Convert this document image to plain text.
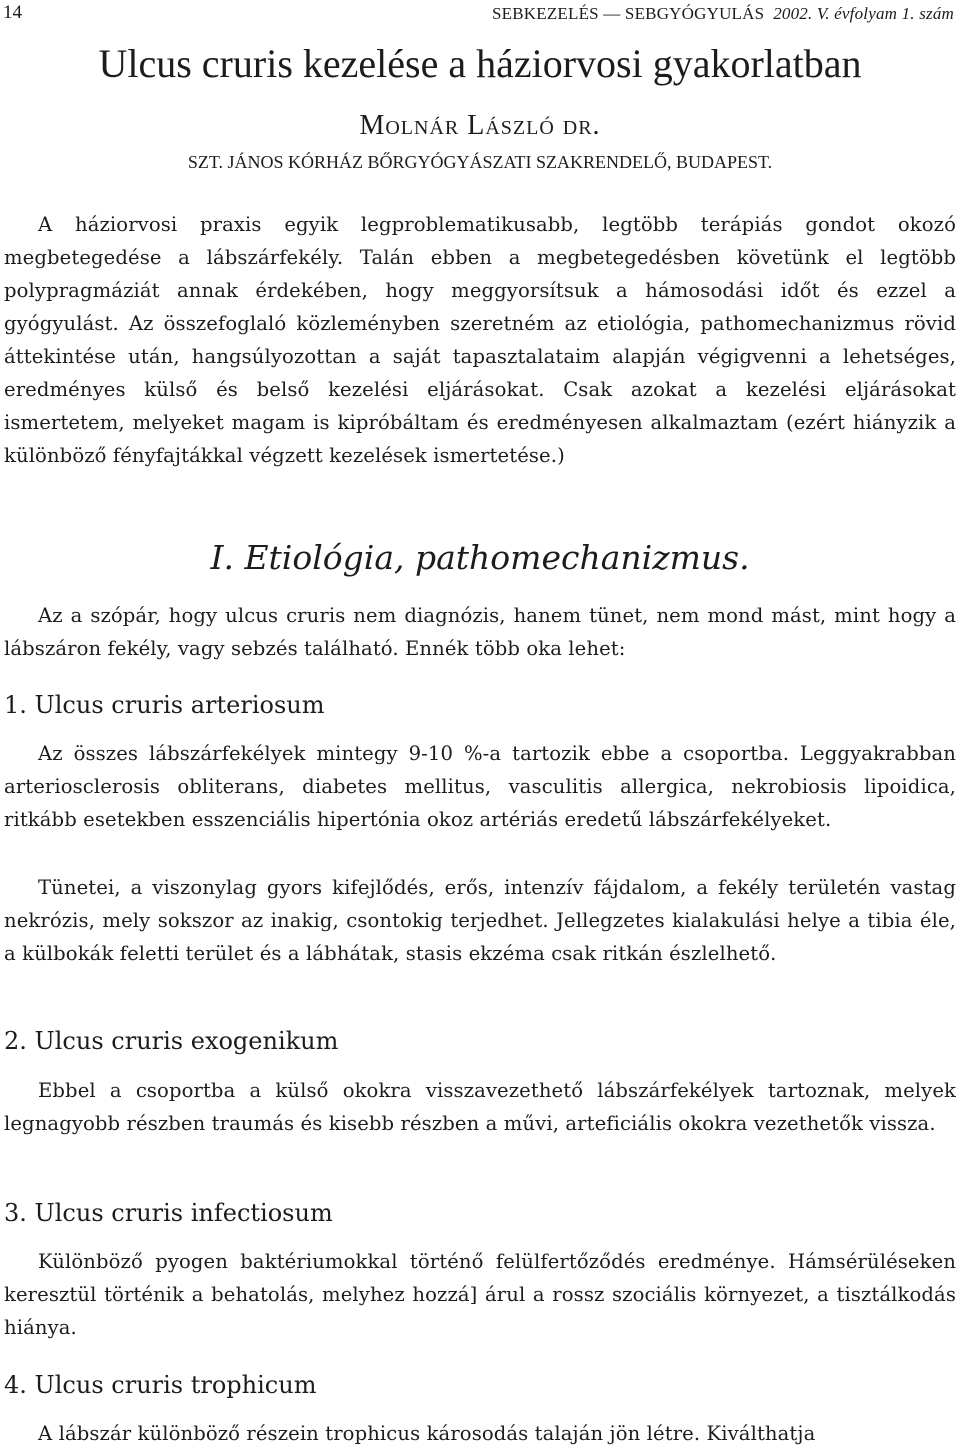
14	SEBKEZELÉS — SEBGYÓGYULÁS 2002. V. évfolyam 1. szám
Ulcus cruris kezelése a háziorvosi gyakorlatban
Molnár László dr.
SZT. JÁNOS KÓRHÁZ BŐRGYÓGYÁSZATI SZAKRENDELŐ, BUDAPEST.

A háziorvosi praxis egyik legproblematikusabb, legtöbb terápiás gondot okozó megbetegedése a lábszárfekély. Talán ebben a megbetegedésben követünk el legtöbb polypragmáziát annak érdekében, hogy meggyorsítsuk a hámosodási időt és ezzel a gyógyulást. Az összefoglaló közleményben szeretném az etiológia, pathomechanizmus rövid áttekintése után, hangsúlyozottan a saját tapasztalataim alapján végigvenni a lehetséges, eredményes külső és belső kezelési eljárásokat. Csak azokat a kezelési eljárásokat ismertetem, melyeket magam is kipróbáltam és eredményesen alkalmaztam (ezért hiányzik a különböző fényfajtákkal végzett kezelések ismertetése.)

I. Etiológia, pathomechanizmus.

Az a szópár, hogy ulcus cruris nem diagnózis, hanem tünet, nem mond mást, mint hogy a lábszáron fekély, vagy sebzés található. Ennék több oka lehet:

1. Ulcus cruris arteriosum

Az összes lábszárfekélyek mintegy 9-10 %-a tartozik ebbe a csoportba. Leggyakrabban arteriosclerosis obliterans, diabetes mellitus, vasculitis allergica, nekrobiosis lipoidica, ritkább esetekben esszenciális hipertónia okoz artériás eredetű lábszárfekélyeket.

Tünetei, a viszonylag gyors kifejlődés, erős, intenzív fájdalom, a fekély területén vastag nekrózis, mely sokszor az inakig, csontokig terjedhet. Jellegzetes kialakulási helye a tibia éle, a külbokák feletti terület és a lábhátak, stasis ekzéma csak ritkán észlelhető.

2. Ulcus cruris exogenikum

Ebbel a csoportba a külső okokra visszavezethető lábszárfekélyek tartoznak, melyek legnagyobb részben traumás és kisebb részben a művi, arteficiális okokra vezethetők vissza.

3. Ulcus cruris infectiosum

Különböző pyogen baktériumokkal történő felülfertőződés eredménye. Hámsérüléseken keresztül történik a behatolás, melyhez hozzá] árul a rossz szociális környezet, a tisztálkodás hiánya.

4. Ulcus cruris trophicum

A lábszár különböző részein trophicus károsodás talaján jön létre. Kiválthatja
